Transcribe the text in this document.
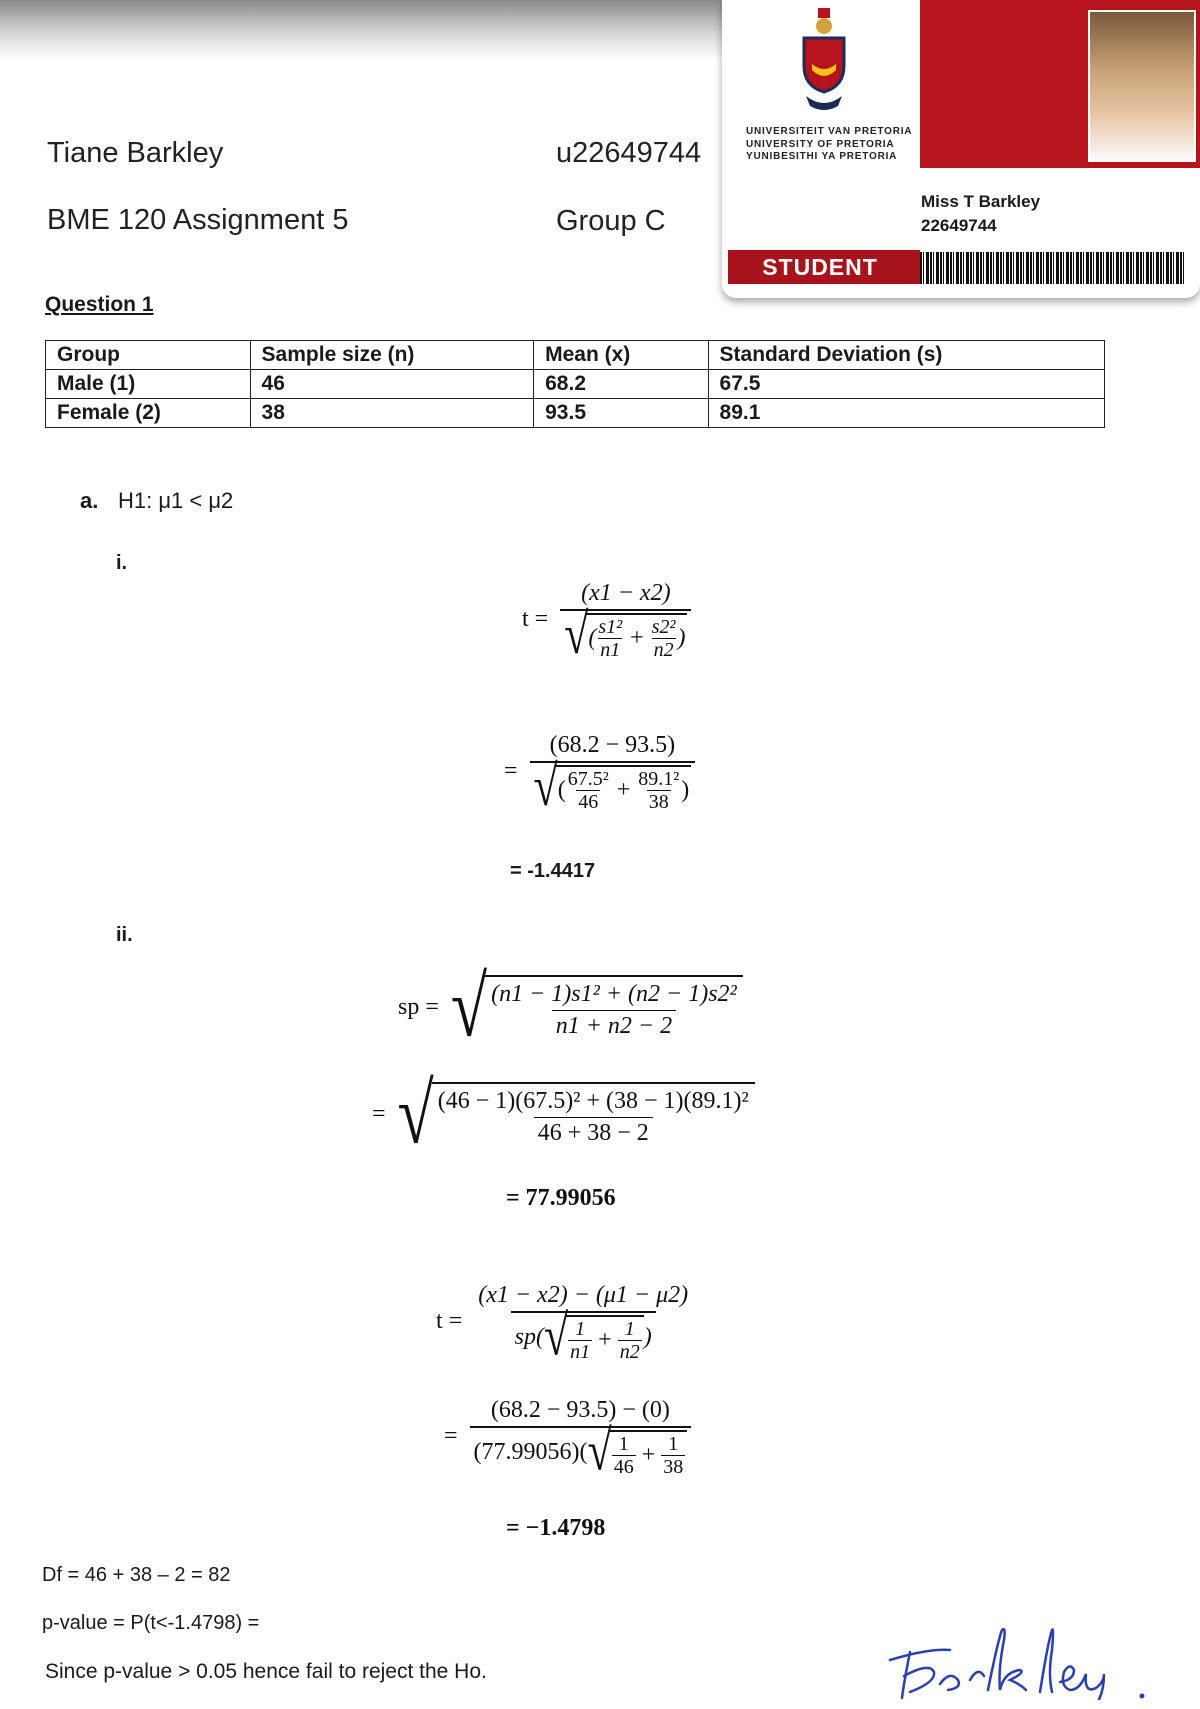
Tiane Barkley	u22649744
BME 120 Assignment 5	Group C
UNIVERSITEIT VAN PRETORIA
UNIVERSITY OF PRETORIA
YUNIBESITHI YA PRETORIA
Miss T Barkley
22649744
STUDENT
Question 1
Group	Sample size (n)	Mean (x)	Standard Deviation (s)
Male (1)	46	68.2	67.5
Female (2)	38	93.5	89.1
a. H1: μ1 < μ2
i.
t =
(x1 − x2)
√ ( s1²
$n1 + \frac{\text{s2²}}{n2}$ )
=
(68.2 − 93.5)
√ ( 67.5²
$46 + \frac{\text{89.1²}}{38}$ )
= -1.4417
ii.
sp = √ $\frac{\text{(n1 − 1)s1² + (n2 − 1)s2²}}{n1 + n2 - 2}$
= √ $\frac{\text{(46 − 1)(67.5)² + (38 − 1)(89.1)²}}{46 + 38 - 2}$
= 77.99056
t = (x1 − x2) − (μ1 − μ2)
sp( √ 1
$n1 + \frac{1}{n2}$ )
= (68.2 − 93.5) − (0)
(77.99056)( √ 1
$46 + \frac{1}{38}$
= −1.4798
Df = 46 + 38 – 2 = 82
p-value = P(t<-1.4798) =
Since p-value > 0.05 hence fail to reject the Ho.
